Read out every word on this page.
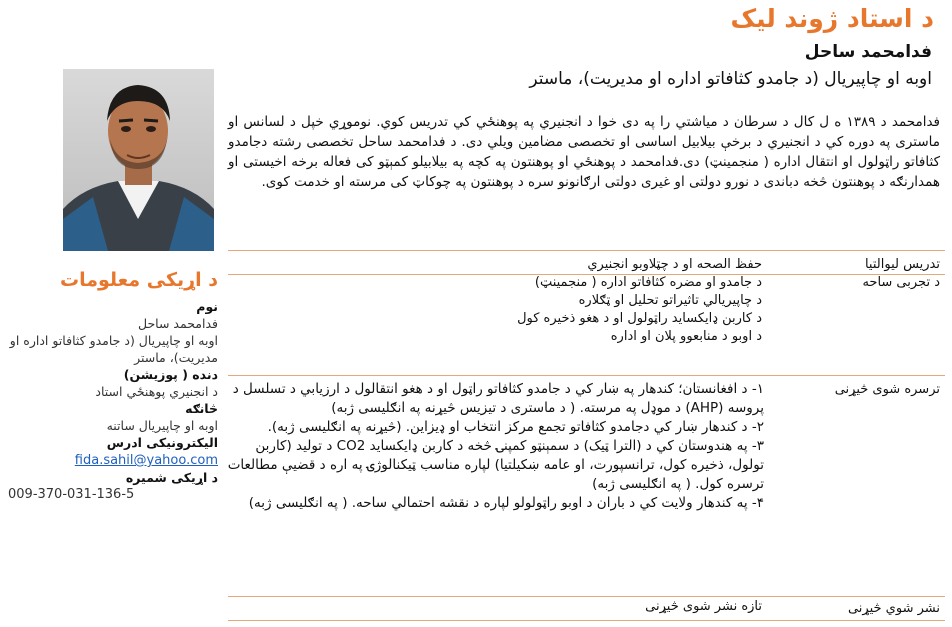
د استاد ژوند لیک
فدامحمد ساحل
اوبه او چاپیریال (د جامدو کثافاتو اداره او مدیریت)، ماستر
فدامحمد د ۱۳۸۹ ه ل کال د سرطان د میاشتي را په دی خوا د انجنیري په پوهنځي کي تدریس کوي. نوموړي خپل د لسانس او ماستری په دوره کي د انجنیري د برخې بیلابیل اساسی او تخصصی مضامین ویلي دی. د فدامحمد ساحل تخصصی رشته دجامدو کثافاتو راټولول او انتقال اداره ( منجمینټ) دی.فدامحمد د پوهنځي او پوهنتون په کچه په بیلابیلو کمېټو کی فعاله برخه اخیستی او همدارنګه د پوهنتون څخه دباندی د نورو دولتی او غیری دولتی ارګانونو سره د پوهنتون په چوکاټ کی مرسته او خدمت کوی.
د اړیکی معلومات
نوم
فدامحمد ساحل
اوبه او چاپیریال (د جامدو کثافاتو اداره او مدیریت)، ماستر
دنده ( پوزیشن)
د انجنیري پوهنځي استاد
څانګه
اوبه او چاپیریال ساتنه
الیکترونیکی ادرس
fida.sahil@yahoo.com
د اړیکی شمیره
009-370-031-136-5
تدریس لیوالتیا
حفظ الصحه او د چټلاوبو انجنیري
د تجربی ساحه
د جامدو او مضره کثافاتو اداره ( منجمینټ)
د چاپیریالي تاثیراتو تحلیل او ټګلاره
د کاربن ډایکساید راټولول او د هغو ذخیره کول
د اوبو د منابعوو پلان او اداره
ترسره شوی څیړنی
۱- د افغانستان؛ کندهار په ښار کي د جامدو کثافاتو راټول او د هغو انتقالول د ارزیابي د تسلسل د پروسه (AHP) د موډل په مرسته. ( د ماستری د تیزیس څیړنه په انګلیسی ژبه)
۲- د کندهار ښار کي دجامدو کثافاتو تجمع مرکز انتخاب او ډیزاین. (څیړنه په انګلیسی ژبه).
۳- په هندوستان کي د (الترا ټیک) د سمېنټو کمپنۍ څخه د کاربن ډایکساید CO2 د تولید (کاربن تولول، ذخیره کول، ترانسپورت، او عامه ښکیلتیا) لپاره مناسب ټیکنالوژۍ په اره د قضیې مطالعات ترسره کول. ( په انګلیسی ژبه)
۴- په کندهار ولایت کي د باران د اوبو راټولولو لپاره د نقشه احتمالي ساحه. ( په انګلیسی ژبه)
نشر شوي څیړنی
تازه نشر شوی څیړنی
